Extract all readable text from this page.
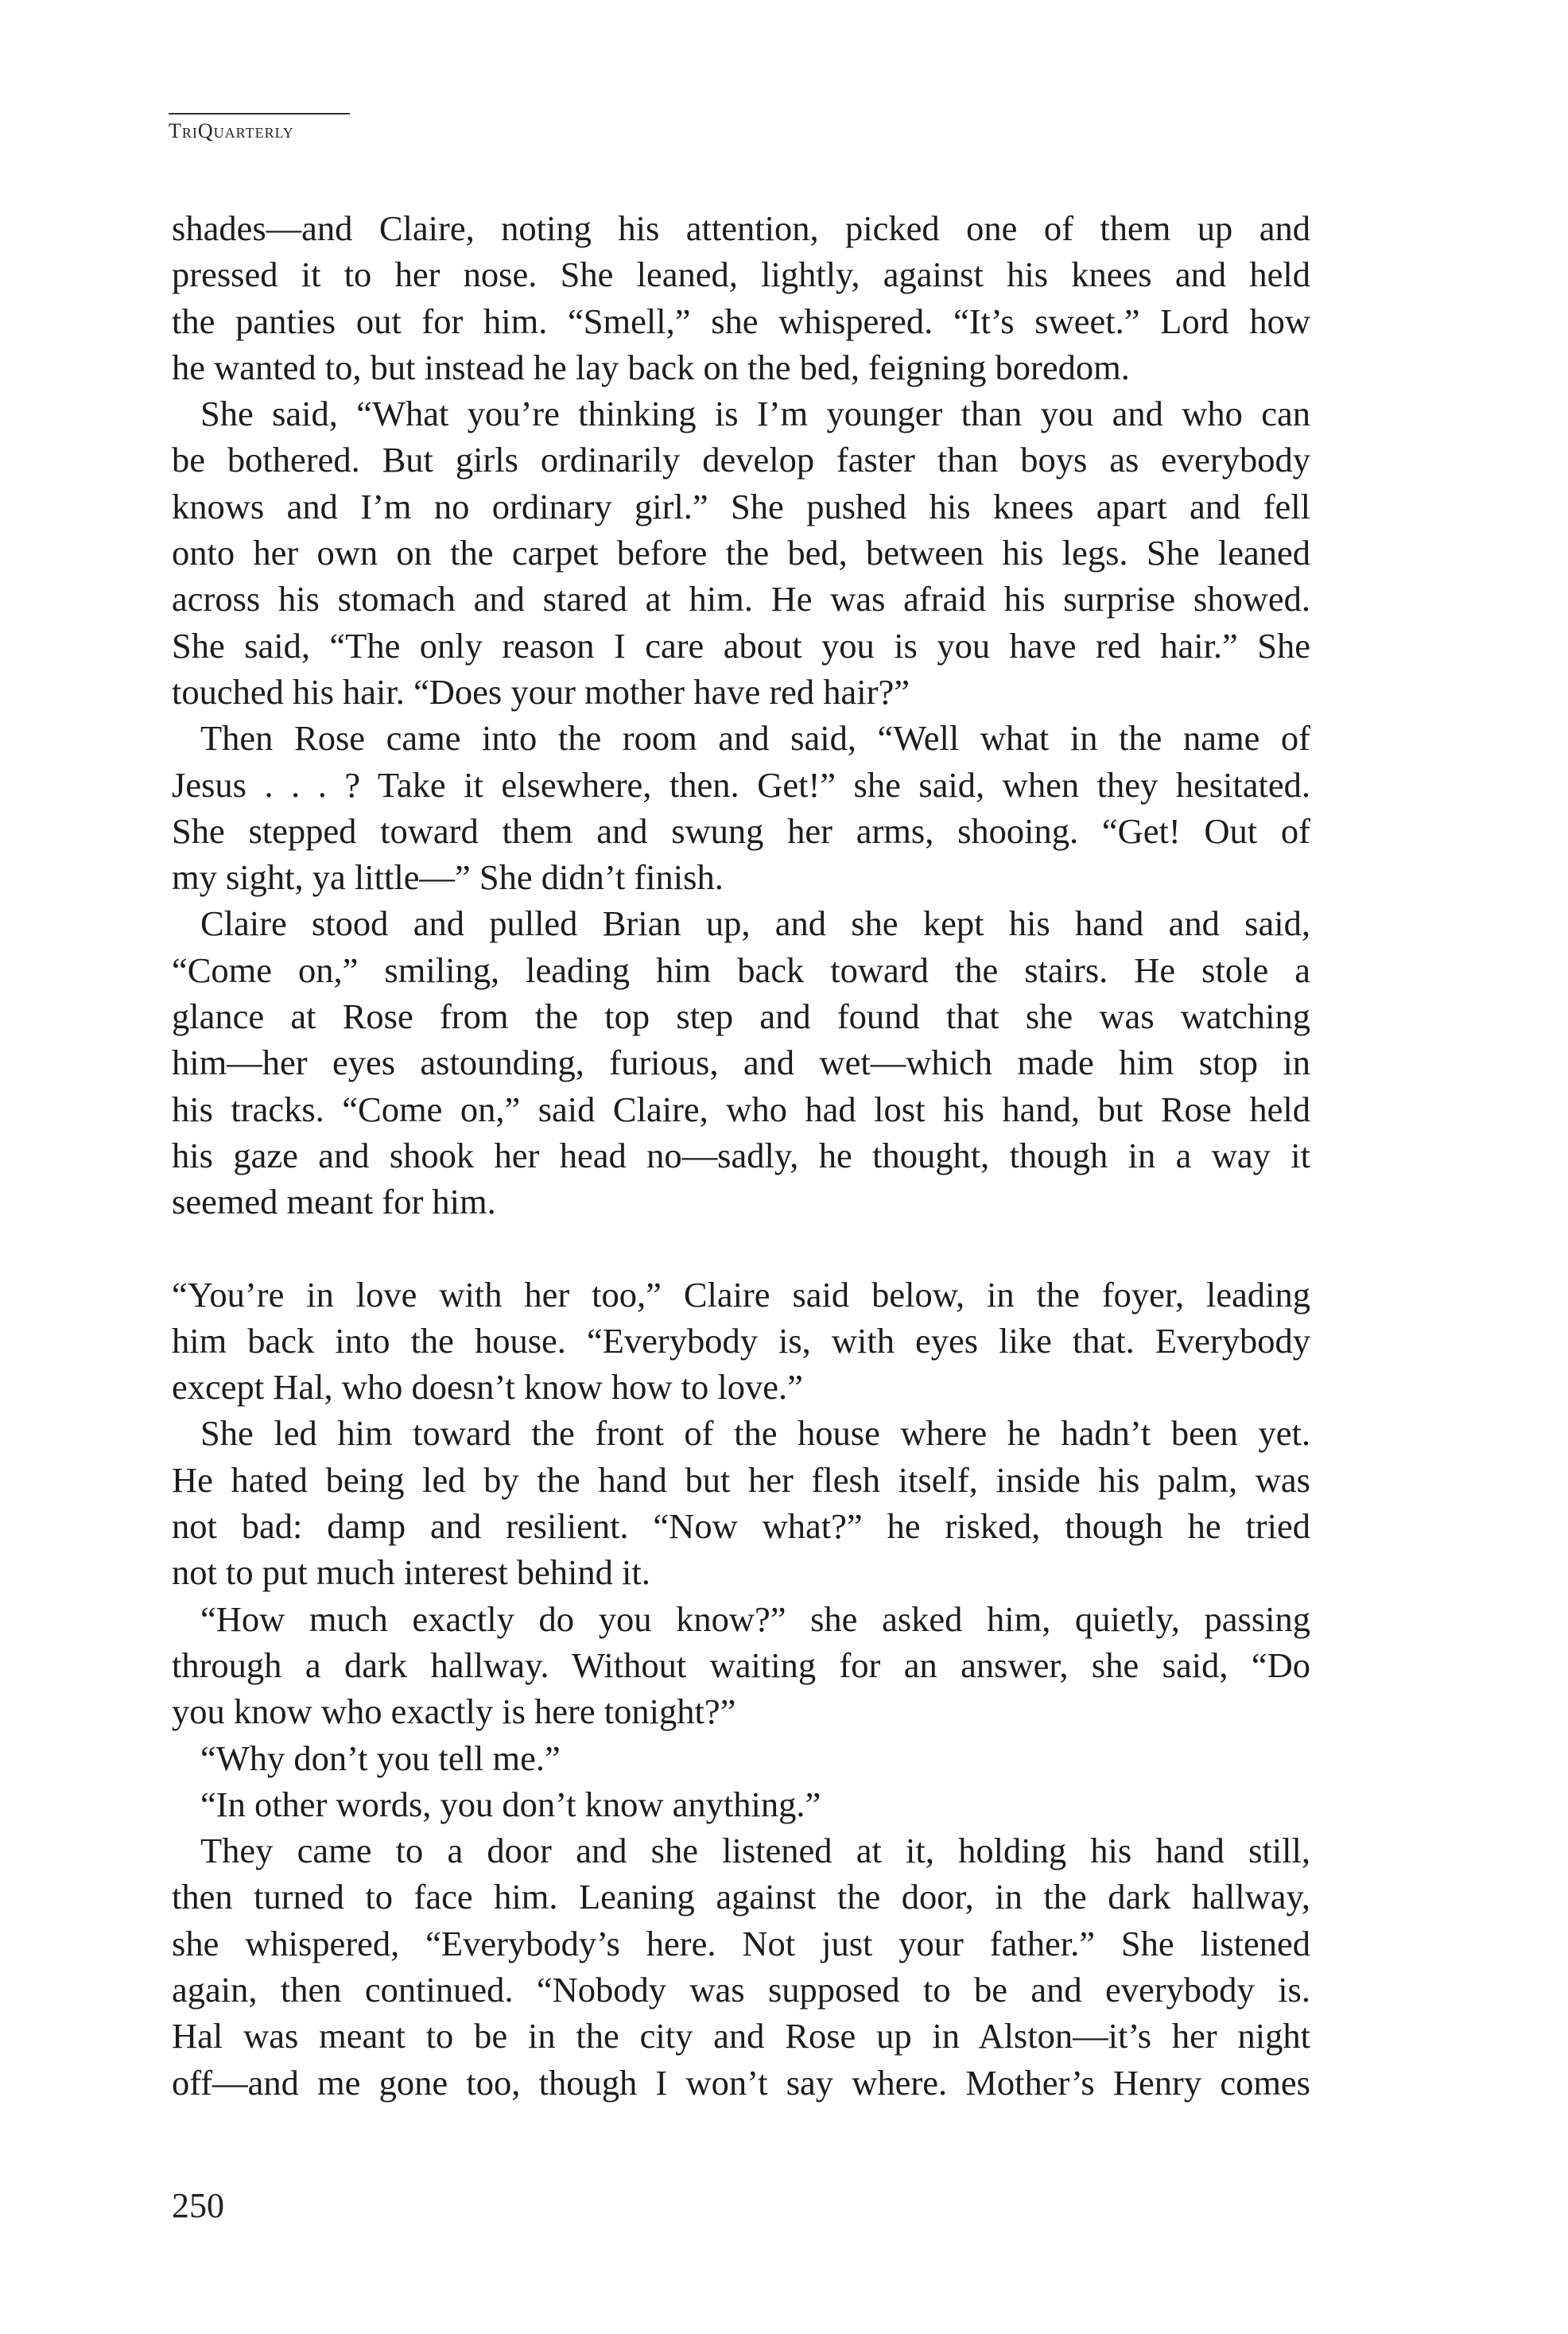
TriQuarterly
shades—and Claire, noting his attention, picked one of them up and
pressed it to her nose. She leaned, lightly, against his knees and held
the panties out for him. “Smell,” she whispered. “It’s sweet.” Lord how
he wanted to, but instead he lay back on the bed, feigning boredom.
She said, “What you’re thinking is I’m younger than you and who can
be bothered. But girls ordinarily develop faster than boys as everybody
knows and I’m no ordinary girl.” She pushed his knees apart and fell
onto her own on the carpet before the bed, between his legs. She leaned
across his stomach and stared at him. He was afraid his surprise showed.
She said, “The only reason I care about you is you have red hair.” She
touched his hair. “Does your mother have red hair?”
Then Rose came into the room and said, “Well what in the name of
Jesus . . . ? Take it elsewhere, then. Get!” she said, when they hesitated.
She stepped toward them and swung her arms, shooing. “Get! Out of
my sight, ya little—” She didn’t finish.
Claire stood and pulled Brian up, and she kept his hand and said,
“Come on,” smiling, leading him back toward the stairs. He stole a
glance at Rose from the top step and found that she was watching
him—her eyes astounding, furious, and wet—which made him stop in
his tracks. “Come on,” said Claire, who had lost his hand, but Rose held
his gaze and shook her head no—sadly, he thought, though in a way it
seemed meant for him.
“You’re in love with her too,” Claire said below, in the foyer, leading
him back into the house. “Everybody is, with eyes like that. Everybody
except Hal, who doesn’t know how to love.”
She led him toward the front of the house where he hadn’t been yet.
He hated being led by the hand but her flesh itself, inside his palm, was
not bad: damp and resilient. “Now what?” he risked, though he tried
not to put much interest behind it.
“How much exactly do you know?” she asked him, quietly, passing
through a dark hallway. Without waiting for an answer, she said, “Do
you know who exactly is here tonight?”
“Why don’t you tell me.”
“In other words, you don’t know anything.”
They came to a door and she listened at it, holding his hand still,
then turned to face him. Leaning against the door, in the dark hallway,
she whispered, “Everybody’s here. Not just your father.” She listened
again, then continued. “Nobody was supposed to be and everybody is.
Hal was meant to be in the city and Rose up in Alston—it’s her night
off—and me gone too, though I won’t say where. Mother’s Henry comes
250
